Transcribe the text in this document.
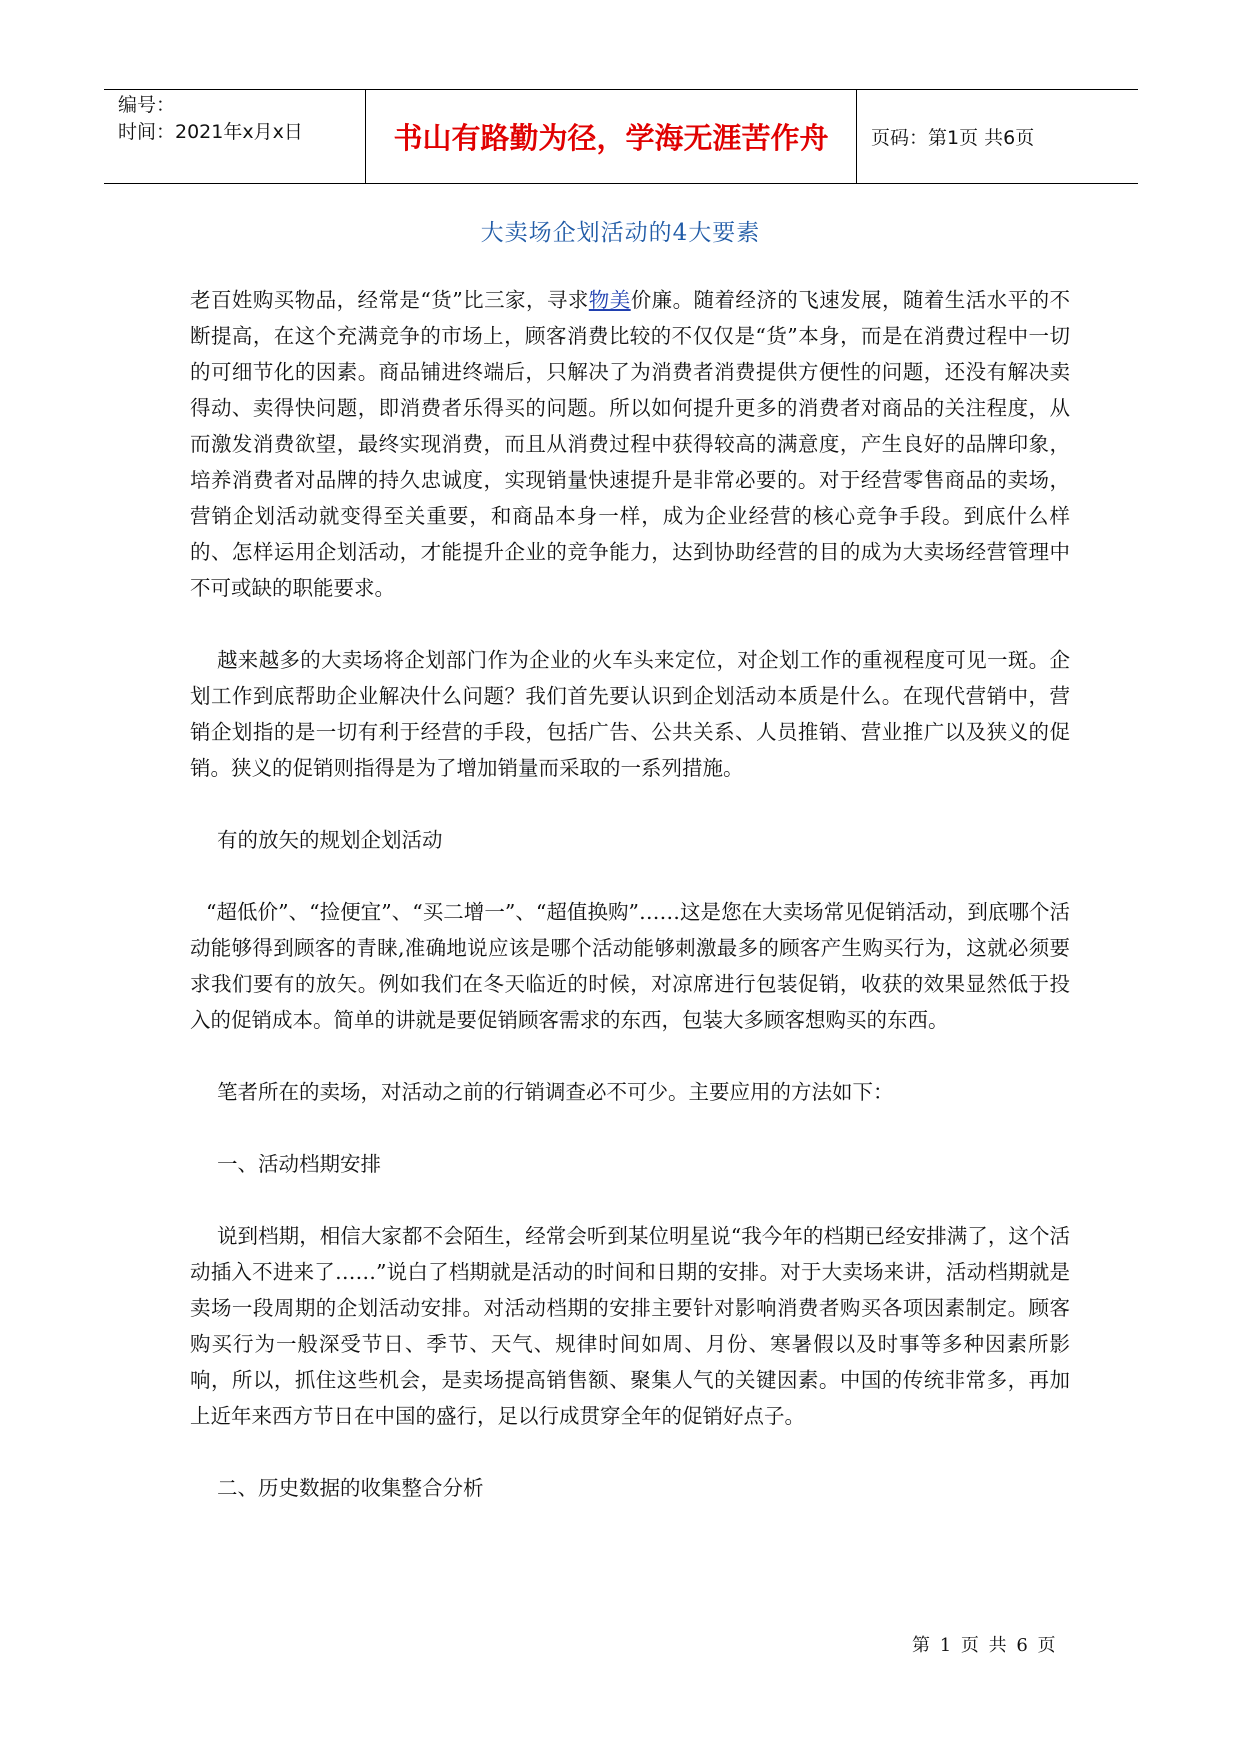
编号：
时间：2021年x月x日	书山有路勤为径，学海无涯苦作舟	页码：第1页 共6页
大卖场企划活动的4大要素

老百姓购买物品，经常是“货”比三家，寻求物美价廉。随着经济的飞速发展，随着生活水平的不断提高，在这个充满竞争的市场上，顾客消费比较的不仅仅是“货”本身，而是在消费过程中一切的可细节化的因素。商品铺进终端后，只解决了为消费者消费提供方便性的问题，还没有解决卖得动、卖得快问题，即消费者乐得买的问题。所以如何提升更多的消费者对商品的关注程度，从而激发消费欲望，最终实现消费，而且从消费过程中获得较高的满意度，产生良好的品牌印象，培养消费者对品牌的持久忠诚度，实现销量快速提升是非常必要的。对于经营零售商品的卖场，营销企划活动就变得至关重要，和商品本身一样，成为企业经营的核心竞争手段。到底什么样的、怎样运用企划活动，才能提升企业的竞争能力，达到协助经营的目的成为大卖场经营管理中不可或缺的职能要求。

越来越多的大卖场将企划部门作为企业的火车头来定位，对企划工作的重视程度可见一斑。企划工作到底帮助企业解决什么问题？我们首先要认识到企划活动本质是什么。在现代营销中，营销企划指的是一切有利于经营的手段，包括广告、公共关系、人员推销、营业推广以及狭义的促销。狭义的促销则指得是为了增加销量而采取的一系列措施。

有的放矢的规划企划活动

“超低价”、“捡便宜”、“买二增一”、“超值换购”……这是您在大卖场常见促销活动，到底哪个活动能够得到顾客的青睐,准确地说应该是哪个活动能够刺激最多的顾客产生购买行为，这就必须要求我们要有的放矢。例如我们在冬天临近的时候，对凉席进行包装促销，收获的效果显然低于投入的促销成本。简单的讲就是要促销顾客需求的东西，包装大多顾客想购买的东西。

笔者所在的卖场，对活动之前的行销调查必不可少。主要应用的方法如下：

一、活动档期安排

说到档期，相信大家都不会陌生，经常会听到某位明星说“我今年的档期已经安排满了，这个活动插入不进来了……”说白了档期就是活动的时间和日期的安排。对于大卖场来讲，活动档期就是卖场一段周期的企划活动安排。对活动档期的安排主要针对影响消费者购买各项因素制定。顾客购买行为一般深受节日、季节、天气、规律时间如周、月份、寒暑假以及时事等多种因素所影响，所以，抓住这些机会，是卖场提高销售额、聚集人气的关键因素。中国的传统非常多，再加上近年来西方节日在中国的盛行，足以行成贯穿全年的促销好点子。

二、历史数据的收集整合分析

第 1 页 共 6 页
